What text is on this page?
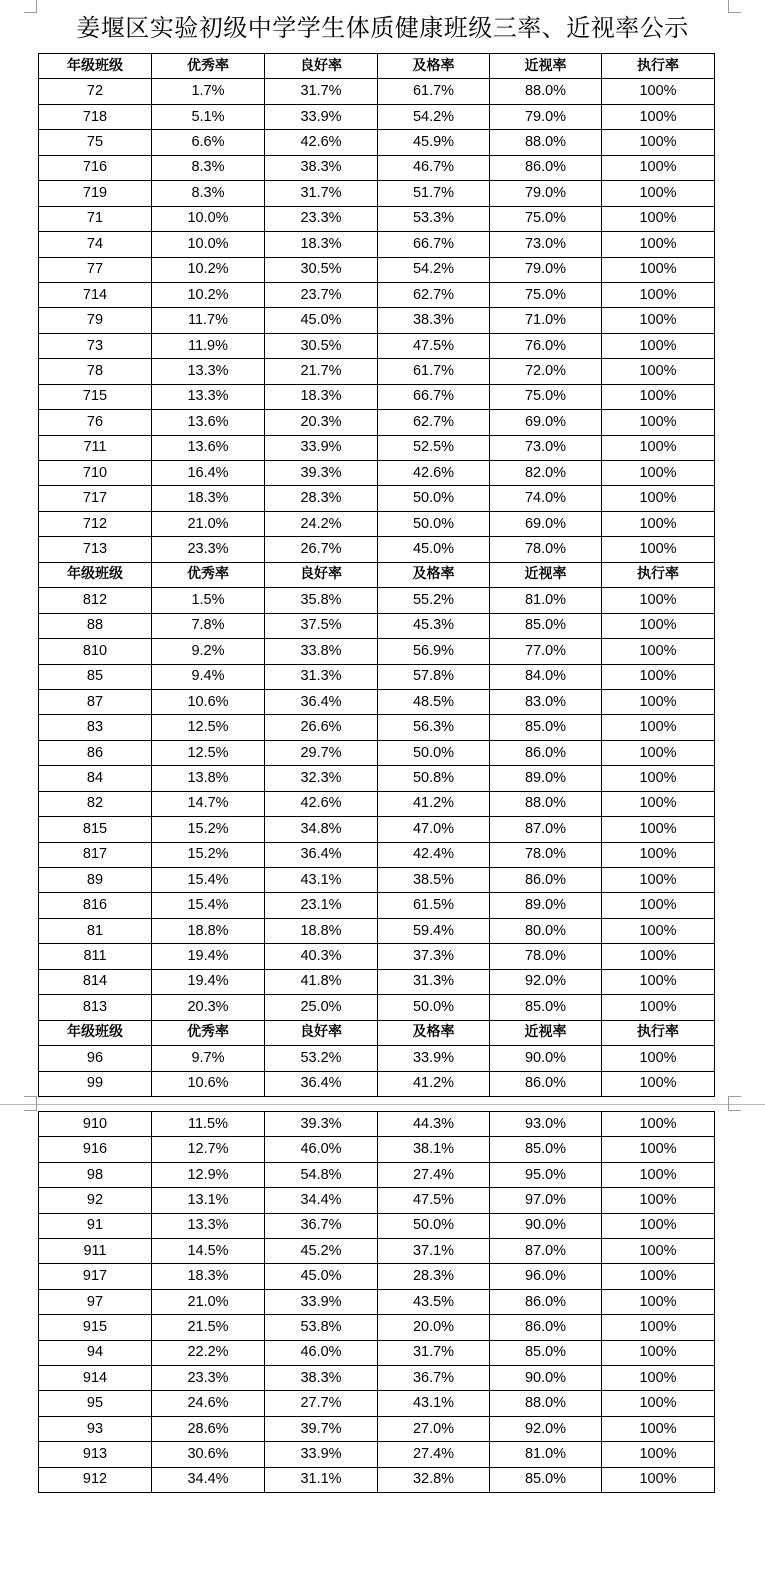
姜堰区实验初级中学学生体质健康班级三率、近视率公示
年级班级	优秀率	良好率	及格率	近视率	执行率
72	1.7%	31.7%	61.7%	88.0%	100%
718	5.1%	33.9%	54.2%	79.0%	100%
75	6.6%	42.6%	45.9%	88.0%	100%
716	8.3%	38.3%	46.7%	86.0%	100%
719	8.3%	31.7%	51.7%	79.0%	100%
71	10.0%	23.3%	53.3%	75.0%	100%
74	10.0%	18.3%	66.7%	73.0%	100%
77	10.2%	30.5%	54.2%	79.0%	100%
714	10.2%	23.7%	62.7%	75.0%	100%
79	11.7%	45.0%	38.3%	71.0%	100%
73	11.9%	30.5%	47.5%	76.0%	100%
78	13.3%	21.7%	61.7%	72.0%	100%
715	13.3%	18.3%	66.7%	75.0%	100%
76	13.6%	20.3%	62.7%	69.0%	100%
711	13.6%	33.9%	52.5%	73.0%	100%
710	16.4%	39.3%	42.6%	82.0%	100%
717	18.3%	28.3%	50.0%	74.0%	100%
712	21.0%	24.2%	50.0%	69.0%	100%
713	23.3%	26.7%	45.0%	78.0%	100%
年级班级	优秀率	良好率	及格率	近视率	执行率
812	1.5%	35.8%	55.2%	81.0%	100%
88	7.8%	37.5%	45.3%	85.0%	100%
810	9.2%	33.8%	56.9%	77.0%	100%
85	9.4%	31.3%	57.8%	84.0%	100%
87	10.6%	36.4%	48.5%	83.0%	100%
83	12.5%	26.6%	56.3%	85.0%	100%
86	12.5%	29.7%	50.0%	86.0%	100%
84	13.8%	32.3%	50.8%	89.0%	100%
82	14.7%	42.6%	41.2%	88.0%	100%
815	15.2%	34.8%	47.0%	87.0%	100%
817	15.2%	36.4%	42.4%	78.0%	100%
89	15.4%	43.1%	38.5%	86.0%	100%
816	15.4%	23.1%	61.5%	89.0%	100%
81	18.8%	18.8%	59.4%	80.0%	100%
811	19.4%	40.3%	37.3%	78.0%	100%
814	19.4%	41.8%	31.3%	92.0%	100%
813	20.3%	25.0%	50.0%	85.0%	100%
年级班级	优秀率	良好率	及格率	近视率	执行率
96	9.7%	53.2%	33.9%	90.0%	100%
99	10.6%	36.4%	41.2%	86.0%	100%
910	11.5%	39.3%	44.3%	93.0%	100%
916	12.7%	46.0%	38.1%	85.0%	100%
98	12.9%	54.8%	27.4%	95.0%	100%
92	13.1%	34.4%	47.5%	97.0%	100%
91	13.3%	36.7%	50.0%	90.0%	100%
911	14.5%	45.2%	37.1%	87.0%	100%
917	18.3%	45.0%	28.3%	96.0%	100%
97	21.0%	33.9%	43.5%	86.0%	100%
915	21.5%	53.8%	20.0%	86.0%	100%
94	22.2%	46.0%	31.7%	85.0%	100%
914	23.3%	38.3%	36.7%	90.0%	100%
95	24.6%	27.7%	43.1%	88.0%	100%
93	28.6%	39.7%	27.0%	92.0%	100%
913	30.6%	33.9%	27.4%	81.0%	100%
912	34.4%	31.1%	32.8%	85.0%	100%
